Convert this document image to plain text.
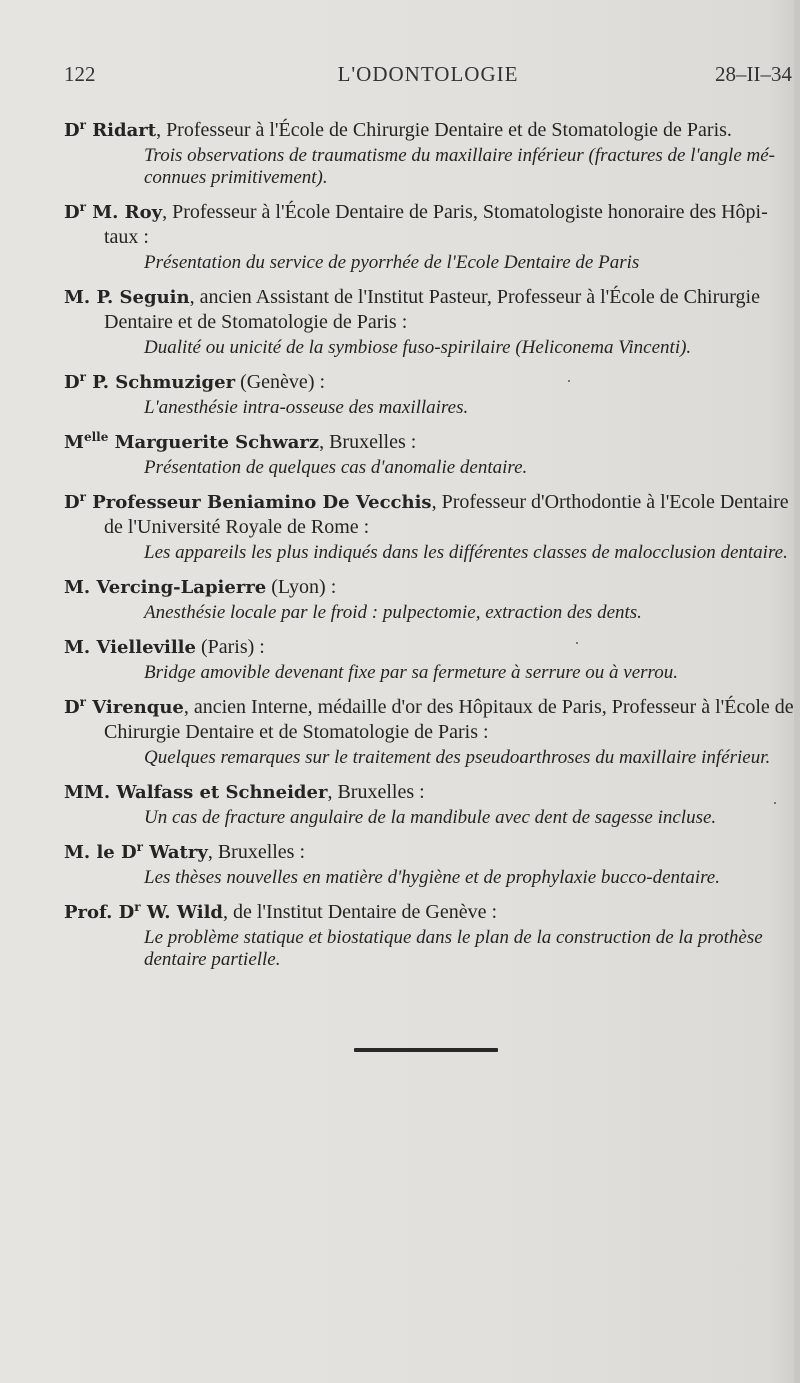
122	L'ODONTOLOGIE	28–II–34
$D^r$ Ridart, Professeur à l'École de Chirurgie Dentaire et de Stomatologie de Paris.
Trois observations de traumatisme du maxillaire inférieur (fractures de l'angle mé- connues primitivement).
$D^r$ M. Roy, Professeur à l'École Dentaire de Paris, Stomatologiste honoraire des Hôpi- taux :
Présentation du service de pyorrhée de l'Ecole Dentaire de Paris
M. P. Seguin, ancien Assistant de l'Institut Pasteur, Professeur à l'École de Chirurgie Dentaire et de Stomatologie de Paris :
Dualité ou unicité de la symbiose fuso-spirilaire (Heliconema Vincenti).
$D^r$ P. Schmuziger (Genève) :
L'anesthésie intra-osseuse des maxillaires.
$M^{elle}$ Marguerite Schwarz, Bruxelles :
Présentation de quelques cas d'anomalie dentaire.
$D^r$ Professeur Beniamino De Vecchis, Professeur d'Orthodontie à l'Ecole Dentaire de l'Université Royale de Rome :
Les appareils les plus indiqués dans les différentes classes de malocclusion dentaire.
M. Vercing-Lapierre (Lyon) :
Anesthésie locale par le froid : pulpectomie, extraction des dents.
M. Vielleville (Paris) :
Bridge amovible devenant fixe par sa fermeture à serrure ou à verrou.
$D^r$ Virenque, ancien Interne, médaille d'or des Hôpitaux de Paris, Professeur à l'École de Chirurgie Dentaire et de Stomatologie de Paris :
Quelques remarques sur le traitement des pseudoarthroses du maxillaire inférieur.
MM. Walfass et Schneider, Bruxelles :
Un cas de fracture angulaire de la mandibule avec dent de sagesse incluse.
M. le $D^r$ Watry, Bruxelles :
Les thèses nouvelles en matière d'hygiène et de prophylaxie bucco-dentaire.
Prof. $D^r$ W. Wild, de l'Institut Dentaire de Genève :
Le problème statique et biostatique dans le plan de la construction de la prothèse dentaire partielle.
